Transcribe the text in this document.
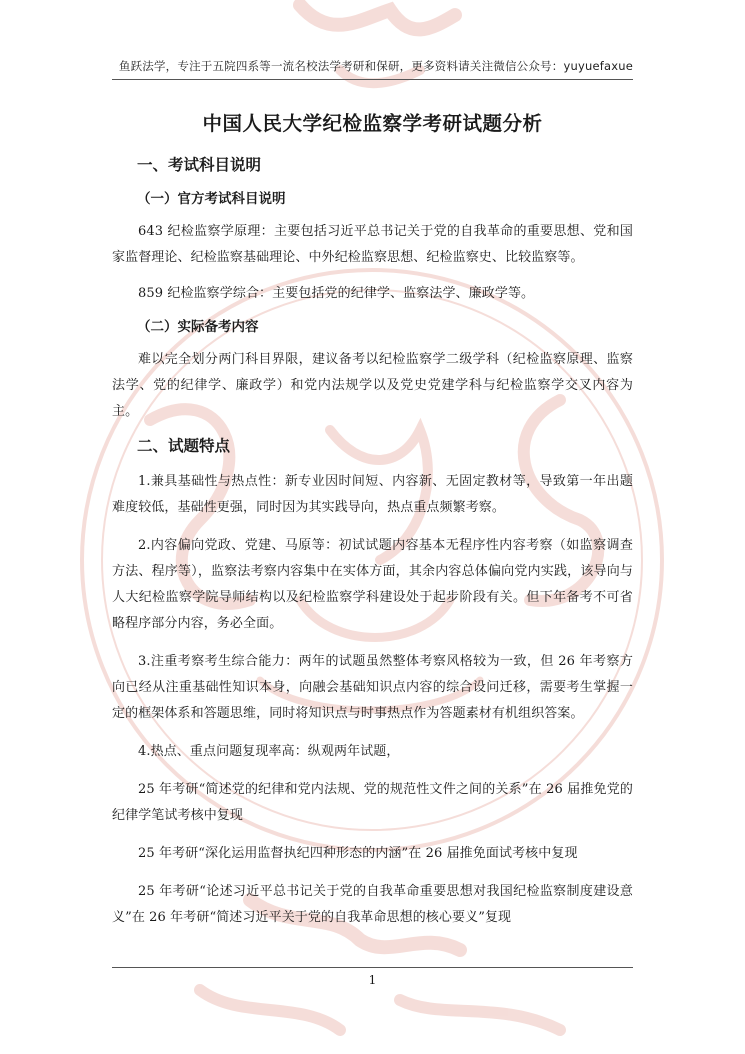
鱼跃法学，专注于五院四系等一流名校法学考研和保研，更多资料请关注微信公众号：yuyuefaxue
中国人民大学纪检监察学考研试题分析
一、考试科目说明
（一）官方考试科目说明

643 纪检监察学原理：主要包括习近平总书记关于党的自我革命的重要思想、党和国家监督理论、纪检监察基础理论、中外纪检监察思想、纪检监察史、比较监察等。

859 纪检监察学综合：主要包括党的纪律学、监察法学、廉政学等。

（二）实际备考内容

难以完全划分两门科目界限，建议备考以纪检监察学二级学科（纪检监察原理、监察法学、党的纪律学、廉政学）和党内法规学以及党史党建学科与纪检监察学交叉内容为主。

二、试题特点

1.兼具基础性与热点性：新专业因时间短、内容新、无固定教材等，导致第一年出题难度较低，基础性更强，同时因为其实践导向，热点重点频繁考察。

2.内容偏向党政、党建、马原等：初试试题内容基本无程序性内容考察（如监察调查方法、程序等），监察法考察内容集中在实体方面，其余内容总体偏向党内实践，该导向与人大纪检监察学院导师结构以及纪检监察学科建设处于起步阶段有关。但下年备考不可省略程序部分内容，务必全面。

3.注重考察考生综合能力：两年的试题虽然整体考察风格较为一致，但 26 年考察方向已经从注重基础性知识本身，向融会基础知识点内容的综合设问迁移，需要考生掌握一定的框架体系和答题思维，同时将知识点与时事热点作为答题素材有机组织答案。

4.热点、重点问题复现率高：纵观两年试题，

25 年考研“简述党的纪律和党内法规、党的规范性文件之间的关系”在 26 届推免党的纪律学笔试考核中复现

25 年考研“深化运用监督执纪四种形态的内涵”在 26 届推免面试考核中复现

25 年考研“论述习近平总书记关于党的自我革命重要思想对我国纪检监察制度建设意义”在 26 年考研“简述习近平关于党的自我革命思想的核心要义”复现

1
